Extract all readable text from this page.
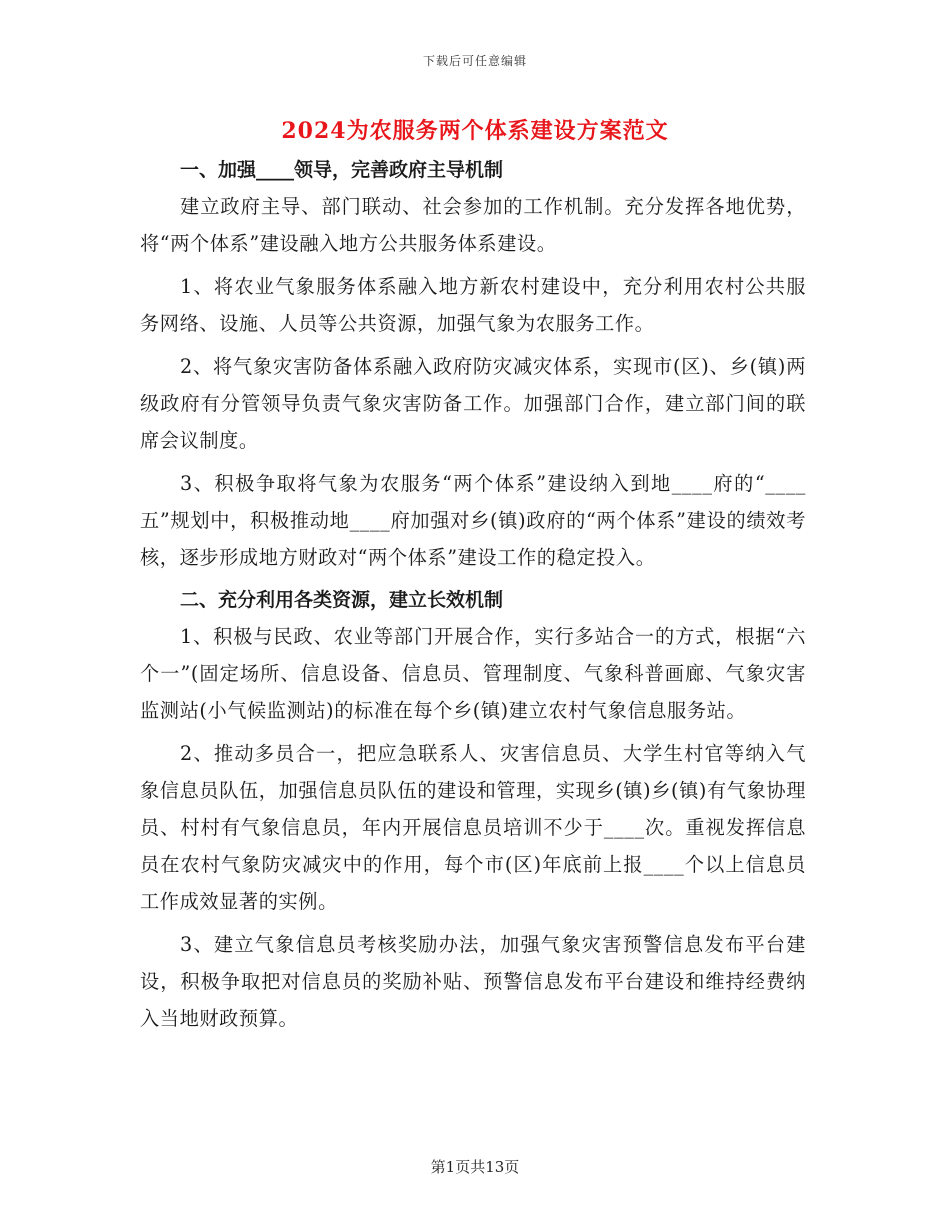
下载后可任意编辑
2024为农服务两个体系建设方案范文
一、加强____领导，完善政府主导机制

建立政府主导、部门联动、社会参加的工作机制。充分发挥各地优势，将“两个体系”建设融入地方公共服务体系建设。

1、将农业气象服务体系融入地方新农村建设中，充分利用农村公共服务网络、设施、人员等公共资源，加强气象为农服务工作。

2、将气象灾害防备体系融入政府防灾减灾体系，实现市(区)、乡(镇)两级政府有分管领导负责气象灾害防备工作。加强部门合作，建立部门间的联席会议制度。

3、积极争取将气象为农服务“两个体系”建设纳入到地____府的“____五”规划中，积极推动地____府加强对乡(镇)政府的“两个体系”建设的绩效考核，逐步形成地方财政对“两个体系”建设工作的稳定投入。

二、充分利用各类资源，建立长效机制

1、积极与民政、农业等部门开展合作，实行多站合一的方式，根据“六个一”(固定场所、信息设备、信息员、管理制度、气象科普画廊、气象灾害监测站(小气候监测站)的标准在每个乡(镇)建立农村气象信息服务站。

2、推动多员合一，把应急联系人、灾害信息员、大学生村官等纳入气象信息员队伍，加强信息员队伍的建设和管理，实现乡(镇)乡(镇)有气象协理员、村村有气象信息员，年内开展信息员培训不少于____次。重视发挥信息员在农村气象防灾减灾中的作用，每个市(区)年底前上报____个以上信息员工作成效显著的实例。

3、建立气象信息员考核奖励办法，加强气象灾害预警信息发布平台建设，积极争取把对信息员的奖励补贴、预警信息发布平台建设和维持经费纳入当地财政预算。

第1页共13页
